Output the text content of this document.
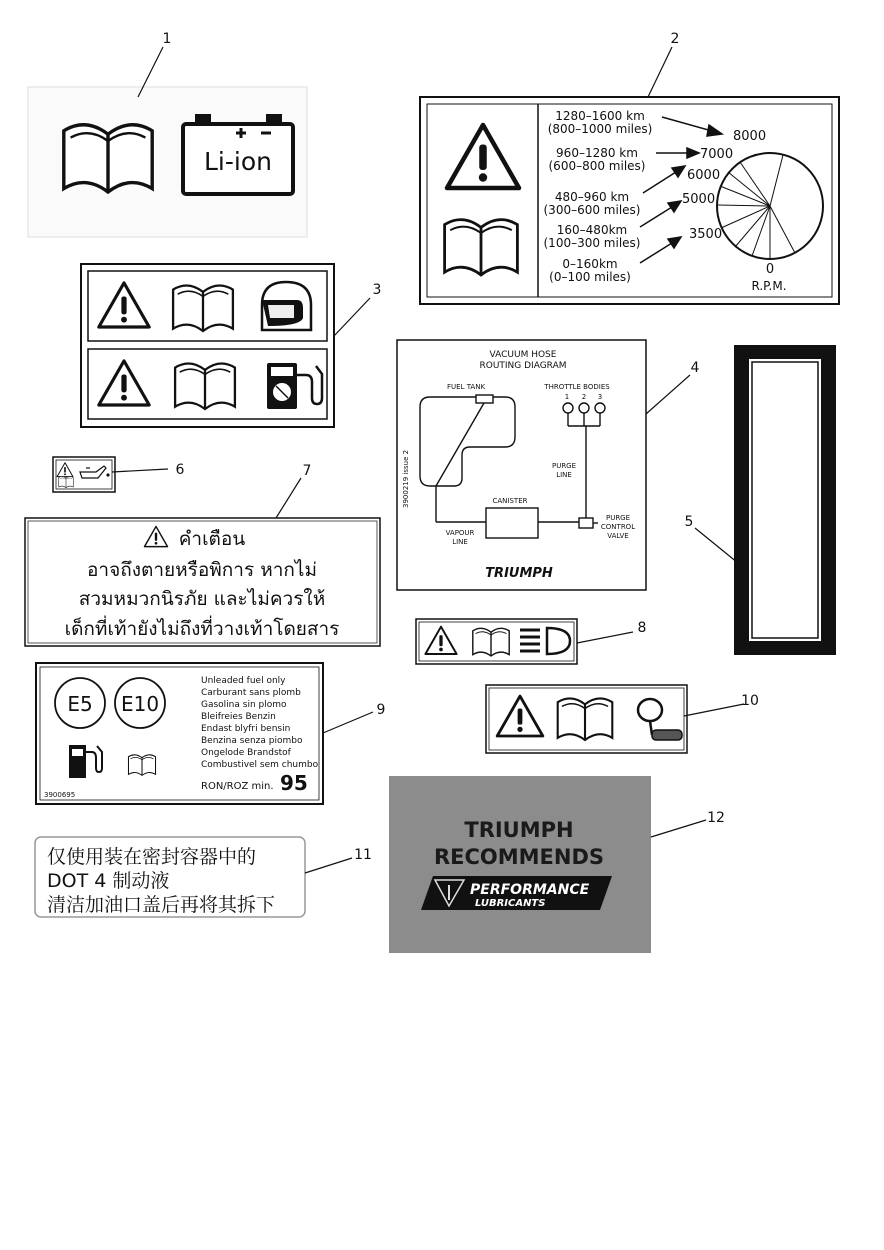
Li-ion
1280–1600 km
(800–1000 miles)
960–1280 km
(600–800 miles)
480–960 km
(300–600 miles)
160–480km
(100–300 miles)
0–160km
(0–100 miles)
8000
7000
6000
5000
3500
0
R.P.M.
VACUUM HOSE
ROUTING DIAGRAM
FUEL TANK	THROTTLE BODIES
1 2 3
PURGE
LINE
CANISTER
VAPOUR
LINE
PURGE
CONTROL
VALVE
3900219 issue 2
TRIUMPH
คำเตือน
อาจถึงตายหรือพิการ หากไม่
สวมหมวกนิรภัย และไม่ควรให้
เด็กที่เท้ายังไม่ถึงที่วางเท้าโดยสาร
E5 E10
Unleaded fuel only
Carburant sans plomb
Gasolina sin plomo
Bleifreies Benzin
Endast blyfri bensin
Benzina senza piombo
Ongelode Brandstof
Combustivel sem chumbo
RON/ROZ min. 95
3900695
仅使用装在密封容器中的
DOT 4 制动液
清洁加油口盖后再将其拆下
TRIUMPH
RECOMMENDS
PERFORMANCE
LUBRICANTS
1	2
3
4
5
6	7
8
9
10
11
12
